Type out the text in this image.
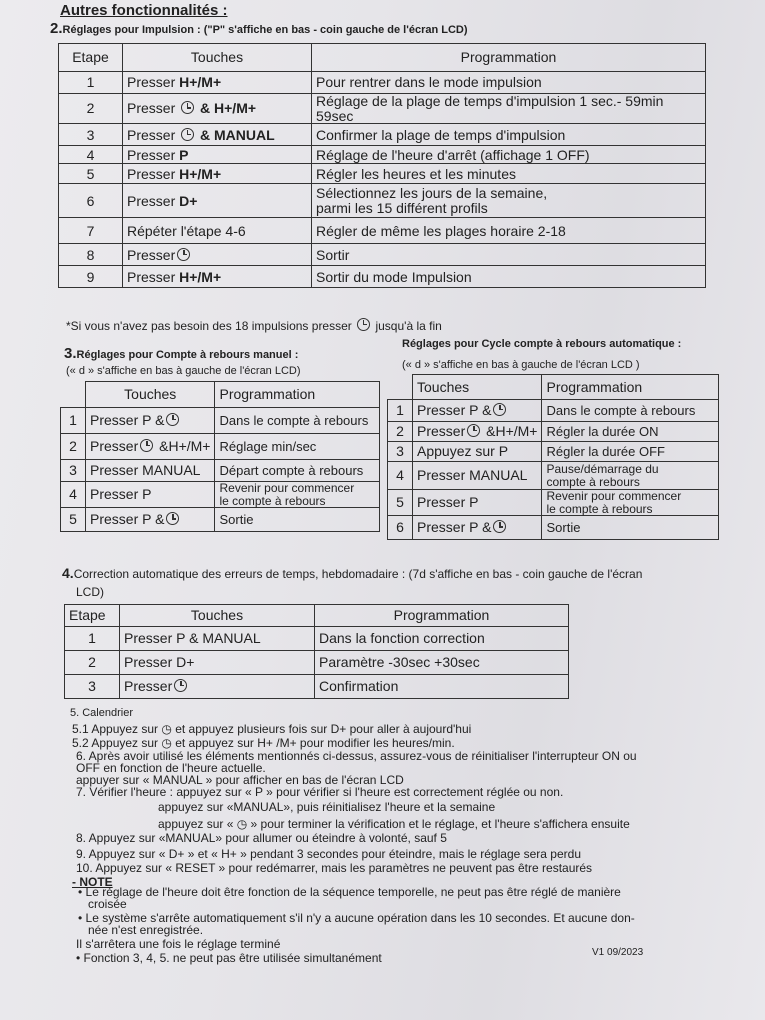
Autres fonctionnalités :
2.Réglages pour Impulsion : ("P" s'affiche en bas - coin gauche de l'écran LCD)
Etape	Touches	Programmation
1	Presser H+/M+	Pour rentrer dans le mode impulsion

2	Presser  & H+/M+	Réglage de la plage de temps d'impulsion 1 sec.- 59min
59sec

3	Presser  & MANUAL	Confirmer la plage de temps d'impulsion

4	Presser P	Réglage de l'heure d'arrêt (affichage 1 OFF)

5	Presser H+/M+	Régler les heures et les minutes

6	Presser D+	Sélectionnez les jours de la semaine,
parmi les 15 différent profils

7	Répéter l'étape 4-6	Régler de même les plages horaire 2-18

8	Presser	Sortir

9	Presser H+/M+	Sortir du mode Impulsion
*Si vous n'avez pas besoin des 18 impulsions presser jusqu'à la fin
3.Réglages pour Compte à rebours manuel :
(« d » s'affiche en bas à gauche de l'écran LCD)
	Touches	Programmation
1	Presser P &	Dans le compte à rebours

2	Presser &H+/M+	Réglage min/sec

3	Presser MANUAL	Départ compte à rebours

4	Presser P	Revenir pour commencer
le compte à rebours

5	Presser P &	Sortie
Réglages pour Cycle compte à rebours automatique :
(« d » s'affiche en bas à gauche de l'écran LCD )
	Touches	Programmation
1	Presser P &	Dans le compte à rebours

2	Presser &H+/M+	Régler la durée ON

3	Appuyez sur P	Régler la durée OFF

4	Presser MANUAL	Pause/démarrage du
compte à rebours

5	Presser P	Revenir pour commencer
le compte à rebours

6	Presser P &	Sortie
4.Correction automatique des erreurs de temps, hebdomadaire : (7d s'affiche en bas - coin gauche de l'écran
LCD)
Etape	Touches	Programmation
1	Presser P & MANUAL	Dans la fonction correction
2	Presser D+	Paramètre -30sec +30sec
3	Presser	Confirmation
5. Calendrier
5.1 Appuyez sur ◷ et appuyez plusieurs fois sur D+ pour aller à aujourd'hui
5.2 Appuyez sur ◷ et appuyez sur H+ /M+ pour modifier les heures/min.
6. Après avoir utilisé les éléments mentionnés ci-dessus, assurez-vous de réinitialiser l'interrupteur ON ou
OFF en fonction de l'heure actuelle.
appuyer sur « MANUAL » pour afficher en bas de l'écran LCD
7. Vérifier l'heure : appuyez sur « P » pour vérifier si l'heure est correctement réglée ou non.
appuyez sur «MANUAL», puis réinitialisez l'heure et la semaine
appuyez sur « ◷ » pour terminer la vérification et le réglage, et l'heure s'affichera ensuite
8. Appuyez sur «MANUAL» pour allumer ou éteindre à volonté, sauf 5
9. Appuyez sur « D+ » et « H+ » pendant 3 secondes pour éteindre, mais le réglage sera perdu
10. Appuyez sur « RESET » pour redémarrer, mais les paramètres ne peuvent pas être restaurés
- NOTE
• Le réglage de l'heure doit être fonction de la séquence temporelle, ne peut pas être réglé de manière
croisée
• Le système s'arrête automatiquement s'il n'y a aucune opération dans les 10 secondes. Et aucune don-
née n'est enregistrée.
Il s'arrêtera une fois le réglage terminé
• Fonction 3, 4, 5. ne peut pas être utilisée simultanément	V1 09/2023
